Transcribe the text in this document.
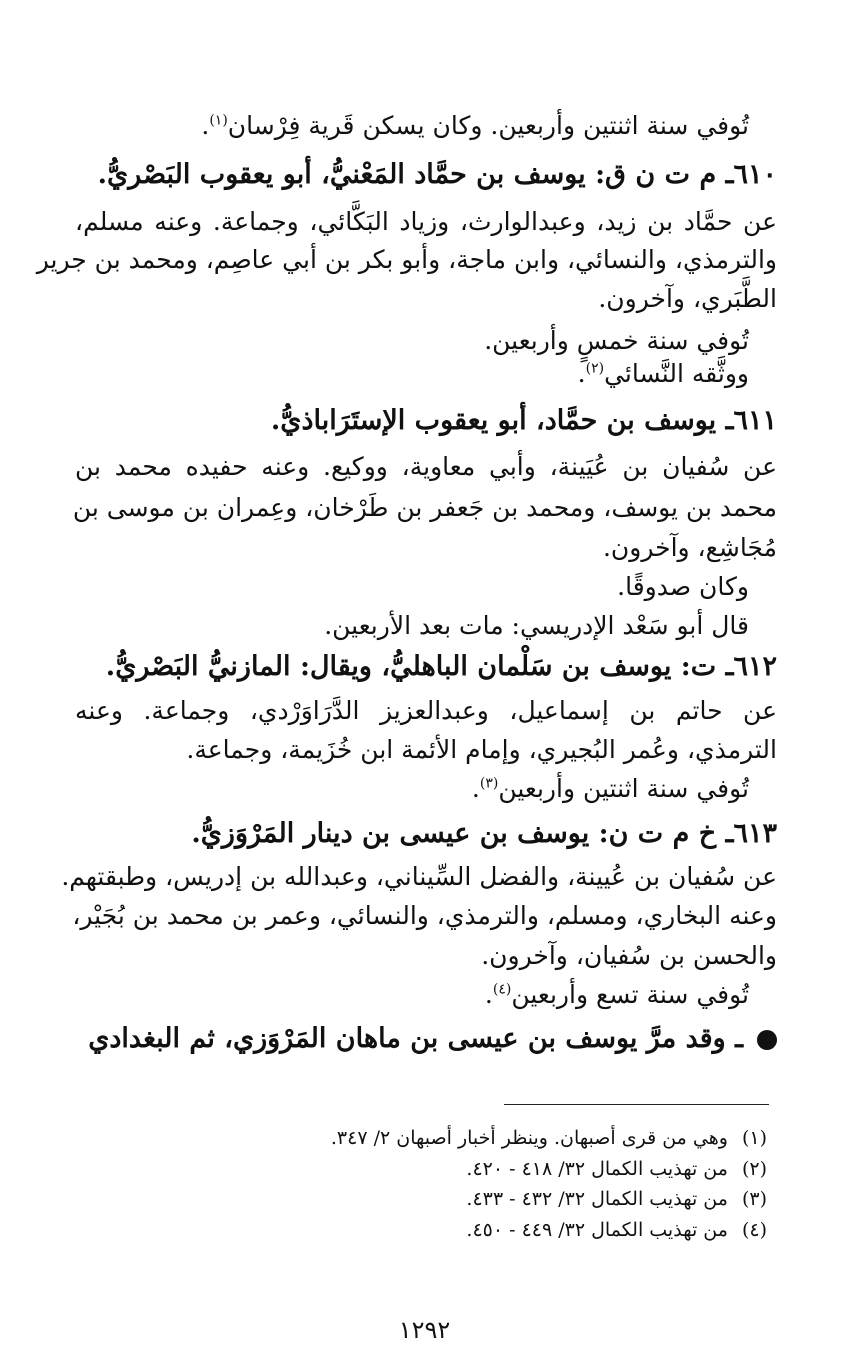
تُوفي سنة اثنتين وأربعين. وكان يسكن قَرية فِرْسان$^{(١)}$.
٦١٠ـ م ت ن ق: يوسف بن حمَّاد المَعْنيُّ، أبو يعقوب البَصْريُّ.
عن حمَّاد بن زيد، وعبدالوارث، وزياد البَكَّائي، وجماعة. وعنه مسلم،
والترمذي، والنسائي، وابن ماجة، وأبو بكر بن أبي عاصِم، ومحمد بن جرير
الطَّبَري، وآخرون.
تُوفي سنة خمسٍ وأربعين.
ووثَّقه النَّسائي$^{(٢)}$.
٦١١ـ يوسف بن حمَّاد، أبو يعقوب الإستَرَاباذيُّ.
عن سُفيان بن عُيَينة، وأبي معاوية، ووكيع. وعنه حفيده محمد بن
محمد بن يوسف، ومحمد بن جَعفر بن طَرْخان، وعِمران بن موسى بن
مُجَاشِع، وآخرون.
وكان صدوقًا.
قال أبو سَعْد الإدريسي: مات بعد الأربعين.
٦١٢ـ ت: يوسف بن سَلْمان الباهليُّ، ويقال: المازنيُّ البَصْريُّ.
عن حاتم بن إسماعيل، وعبدالعزيز الدَّرَاوَرْدي، وجماعة. وعنه
الترمذي، وعُمر البُجيري، وإمام الأئمة ابن خُزَيمة، وجماعة.
تُوفي سنة اثنتين وأربعين$^{(٣)}$.
٦١٣ـ خ م ت ن: يوسف بن عيسى بن دينار المَرْوَزيُّ.
عن سُفيان بن عُيينة، والفضل السِّيناني، وعبدالله بن إدريس، وطبقتهم.
وعنه البخاري، ومسلم، والترمذي، والنسائي، وعمر بن محمد بن بُجَيْر،
والحسن بن سُفيان، وآخرون.
تُوفي سنة تسع وأربعين$^{(٤)}$.
ـ وقد مرَّ يوسف بن عيسى بن ماهان المَرْوَزي، ثم البغدادي
(١)وهي من قرى أصبهان. وينظر أخبار أصبهان ٢/ ٣٤٧.
(٢)من تهذيب الكمال ٣٢/ ٤١٨ - ٤٢٠.
(٣)من تهذيب الكمال ٣٢/ ٤٣٢ - ٤٣٣.
(٤)من تهذيب الكمال ٣٢/ ٤٤٩ - ٤٥٠.
١٢٩٢
